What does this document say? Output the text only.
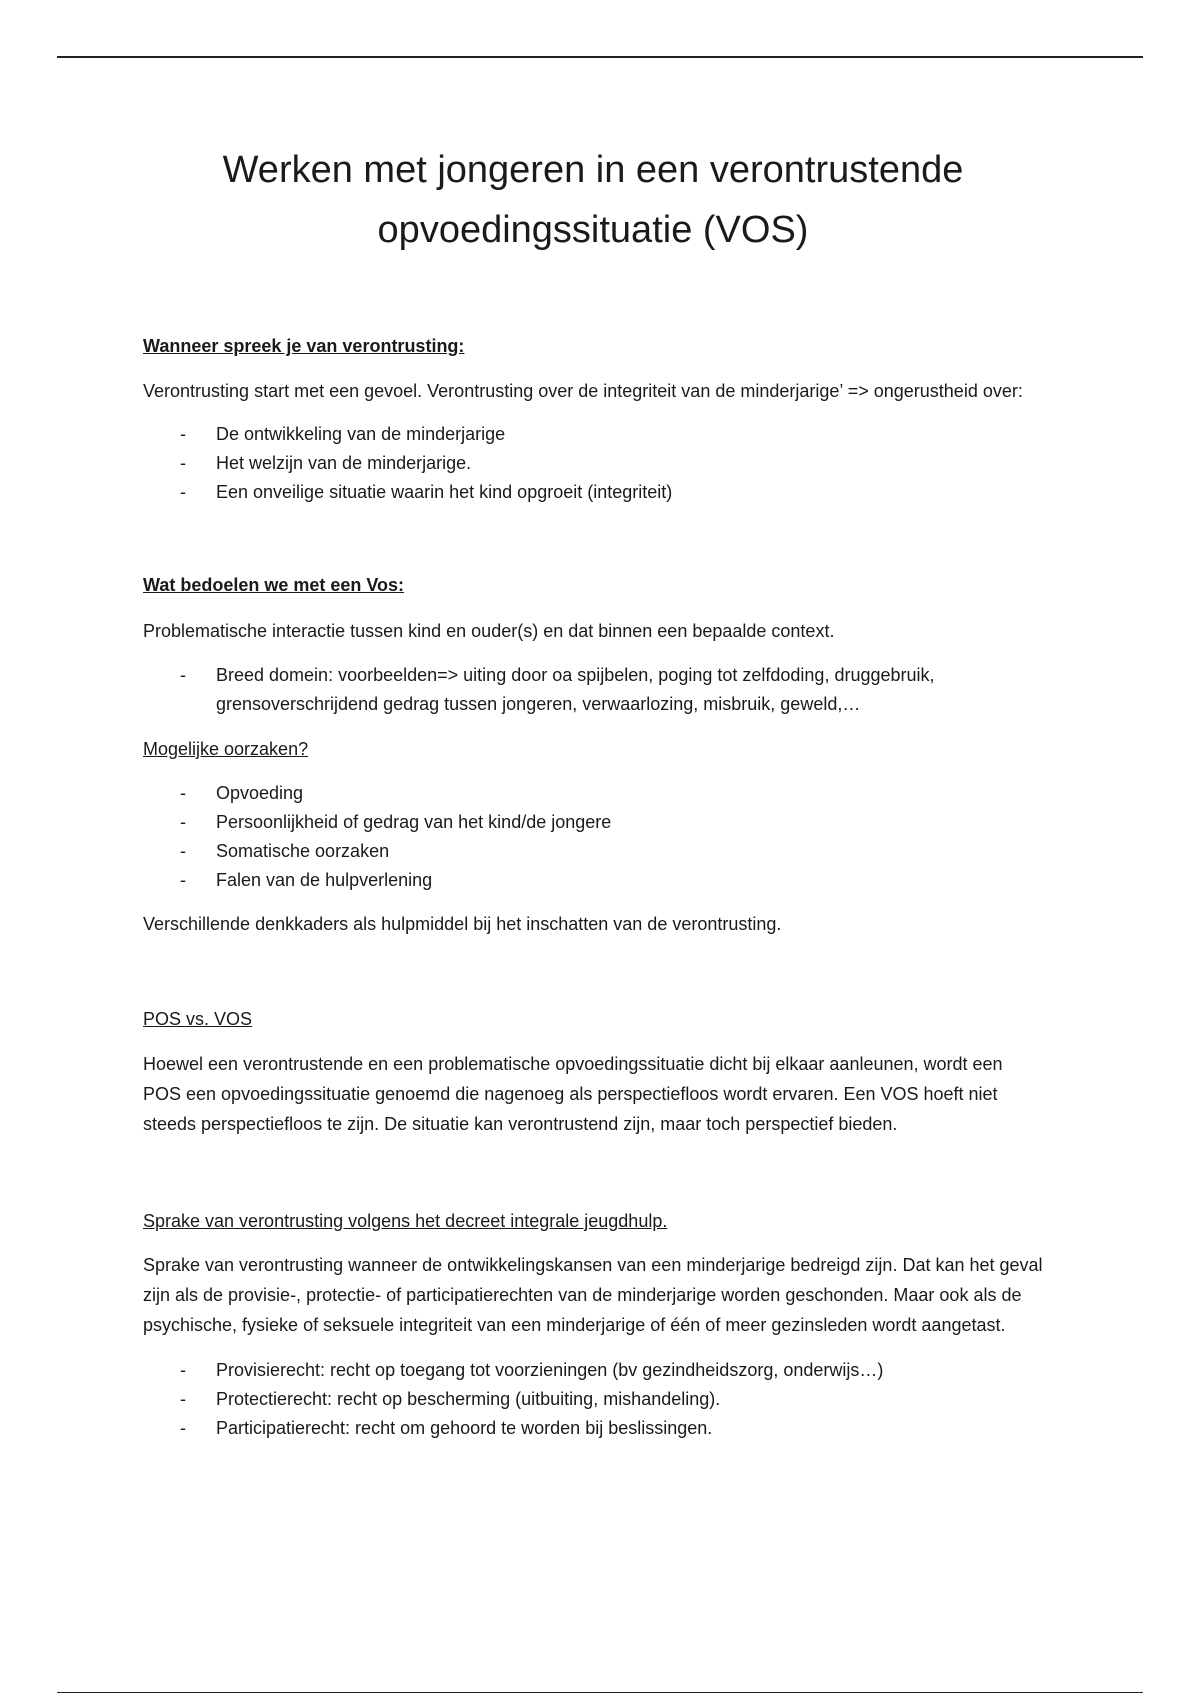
Werken met jongeren in een verontrustende
opvoedingssituatie (VOS)

Wanneer spreek je van verontrusting:

Verontrusting start met een gevoel. Verontrusting over de integriteit van de minderjarige’ => ongerustheid over:

- De ontwikkeling van de minderjarige
- Het welzijn van de minderjarige.
- Een onveilige situatie waarin het kind opgroeit (integriteit)

Wat bedoelen we met een Vos:

Problematische interactie tussen kind en ouder(s) en dat binnen een bepaalde context.

- Breed domein: voorbeelden=> uiting door oa spijbelen, poging tot zelfdoding, druggebruik, grensoverschrijdend gedrag tussen jongeren, verwaarlozing, misbruik, geweld,…

Mogelijke oorzaken?

- Opvoeding
- Persoonlijkheid of gedrag van het kind/de jongere
- Somatische oorzaken
- Falen van de hulpverlening

Verschillende denkkaders als hulpmiddel bij het inschatten van de verontrusting.

POS vs. VOS

Hoewel een verontrustende en een problematische opvoedingssituatie dicht bij elkaar aanleunen, wordt een POS een opvoedingssituatie genoemd die nagenoeg als perspectiefloos wordt ervaren. Een VOS hoeft niet steeds perspectiefloos te zijn. De situatie kan verontrustend zijn, maar toch perspectief bieden.

Sprake van verontrusting volgens het decreet integrale jeugdhulp.

Sprake van verontrusting wanneer de ontwikkelingskansen van een minderjarige bedreigd zijn. Dat kan het geval zijn als de provisie-, protectie- of participatierechten van de minderjarige worden geschonden. Maar ook als de psychische, fysieke of seksuele integriteit van een minderjarige of één of meer gezinsleden wordt aangetast.

- Provisierecht: recht op toegang tot voorzieningen (bv gezindheidszorg, onderwijs…)
- Protectierecht: recht op bescherming (uitbuiting, mishandeling).
- Participatierecht: recht om gehoord te worden bij beslissingen.
